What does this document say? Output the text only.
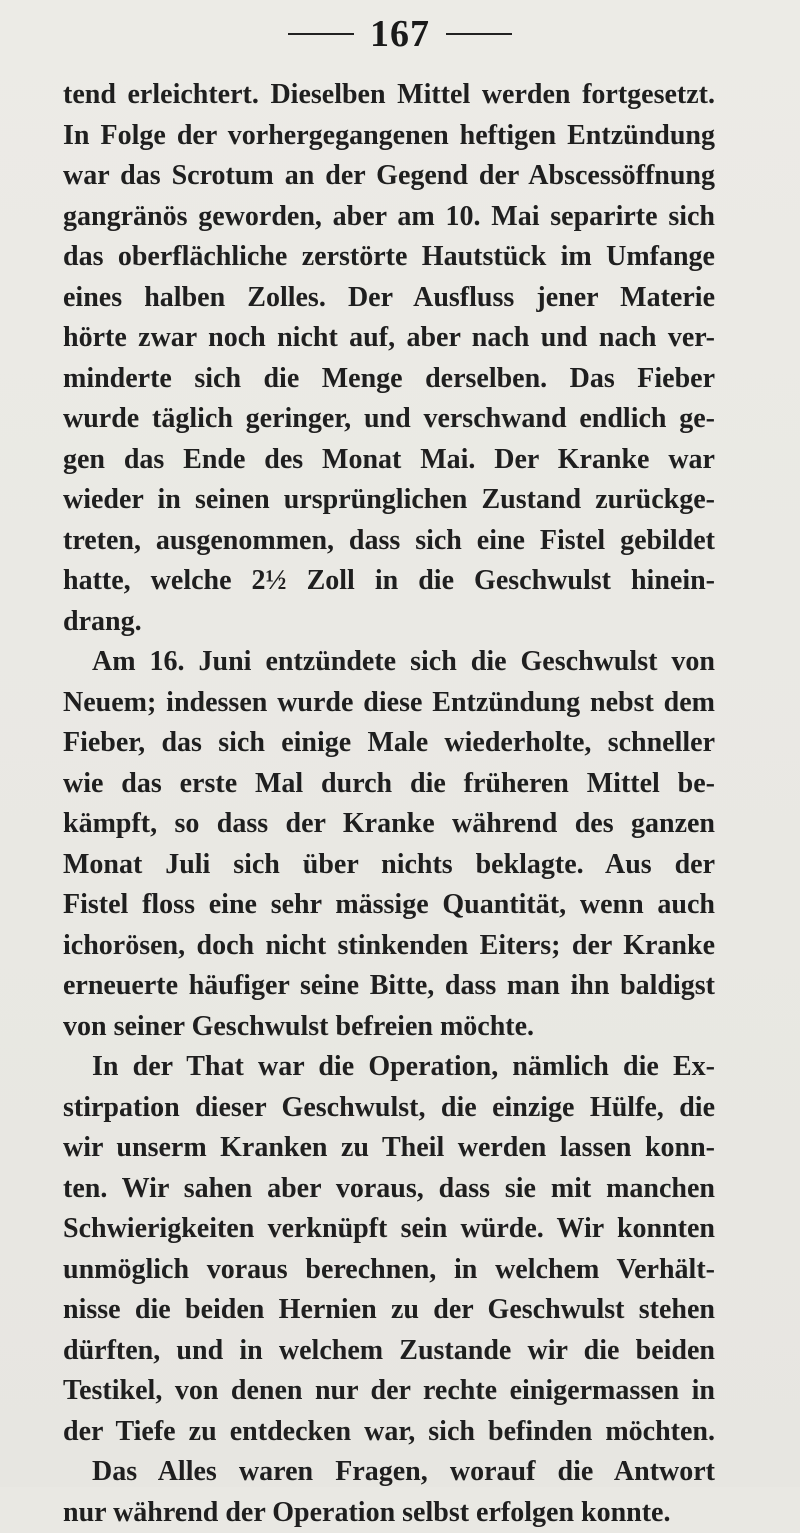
167
tend erleichtert. Dieselben Mittel werden fortgesetzt.
In Folge der vorhergegangenen heftigen Entzündung
war das Scrotum an der Gegend der Abscessöffnung
gangränös geworden, aber am 10. Mai separirte sich
das oberflächliche zerstörte Hautstück im Umfange
eines halben Zolles. Der Ausfluss jener Materie
hörte zwar noch nicht auf, aber nach und nach ver-
minderte sich die Menge derselben. Das Fieber
wurde täglich geringer, und verschwand endlich ge-
gen das Ende des Monat Mai. Der Kranke war
wieder in seinen ursprünglichen Zustand zurückge-
treten, ausgenommen, dass sich eine Fistel gebildet
hatte, welche 2½ Zoll in die Geschwulst hinein-
drang.
Am 16. Juni entzündete sich die Geschwulst von
Neuem; indessen wurde diese Entzündung nebst dem
Fieber, das sich einige Male wiederholte, schneller
wie das erste Mal durch die früheren Mittel be-
kämpft, so dass der Kranke während des ganzen
Monat Juli sich über nichts beklagte. Aus der
Fistel floss eine sehr mässige Quantität, wenn auch
ichorösen, doch nicht stinkenden Eiters; der Kranke
erneuerte häufiger seine Bitte, dass man ihn baldigst
von seiner Geschwulst befreien möchte.
In der That war die Operation, nämlich die Ex-
stirpation dieser Geschwulst, die einzige Hülfe, die
wir unserm Kranken zu Theil werden lassen konn-
ten. Wir sahen aber voraus, dass sie mit manchen
Schwierigkeiten verknüpft sein würde. Wir konnten
unmöglich voraus berechnen, in welchem Verhält-
nisse die beiden Hernien zu der Geschwulst stehen
dürften, und in welchem Zustande wir die beiden
Testikel, von denen nur der rechte einigermassen in
der Tiefe zu entdecken war, sich befinden möchten.
Das Alles waren Fragen, worauf die Antwort
nur während der Operation selbst erfolgen konnte.
